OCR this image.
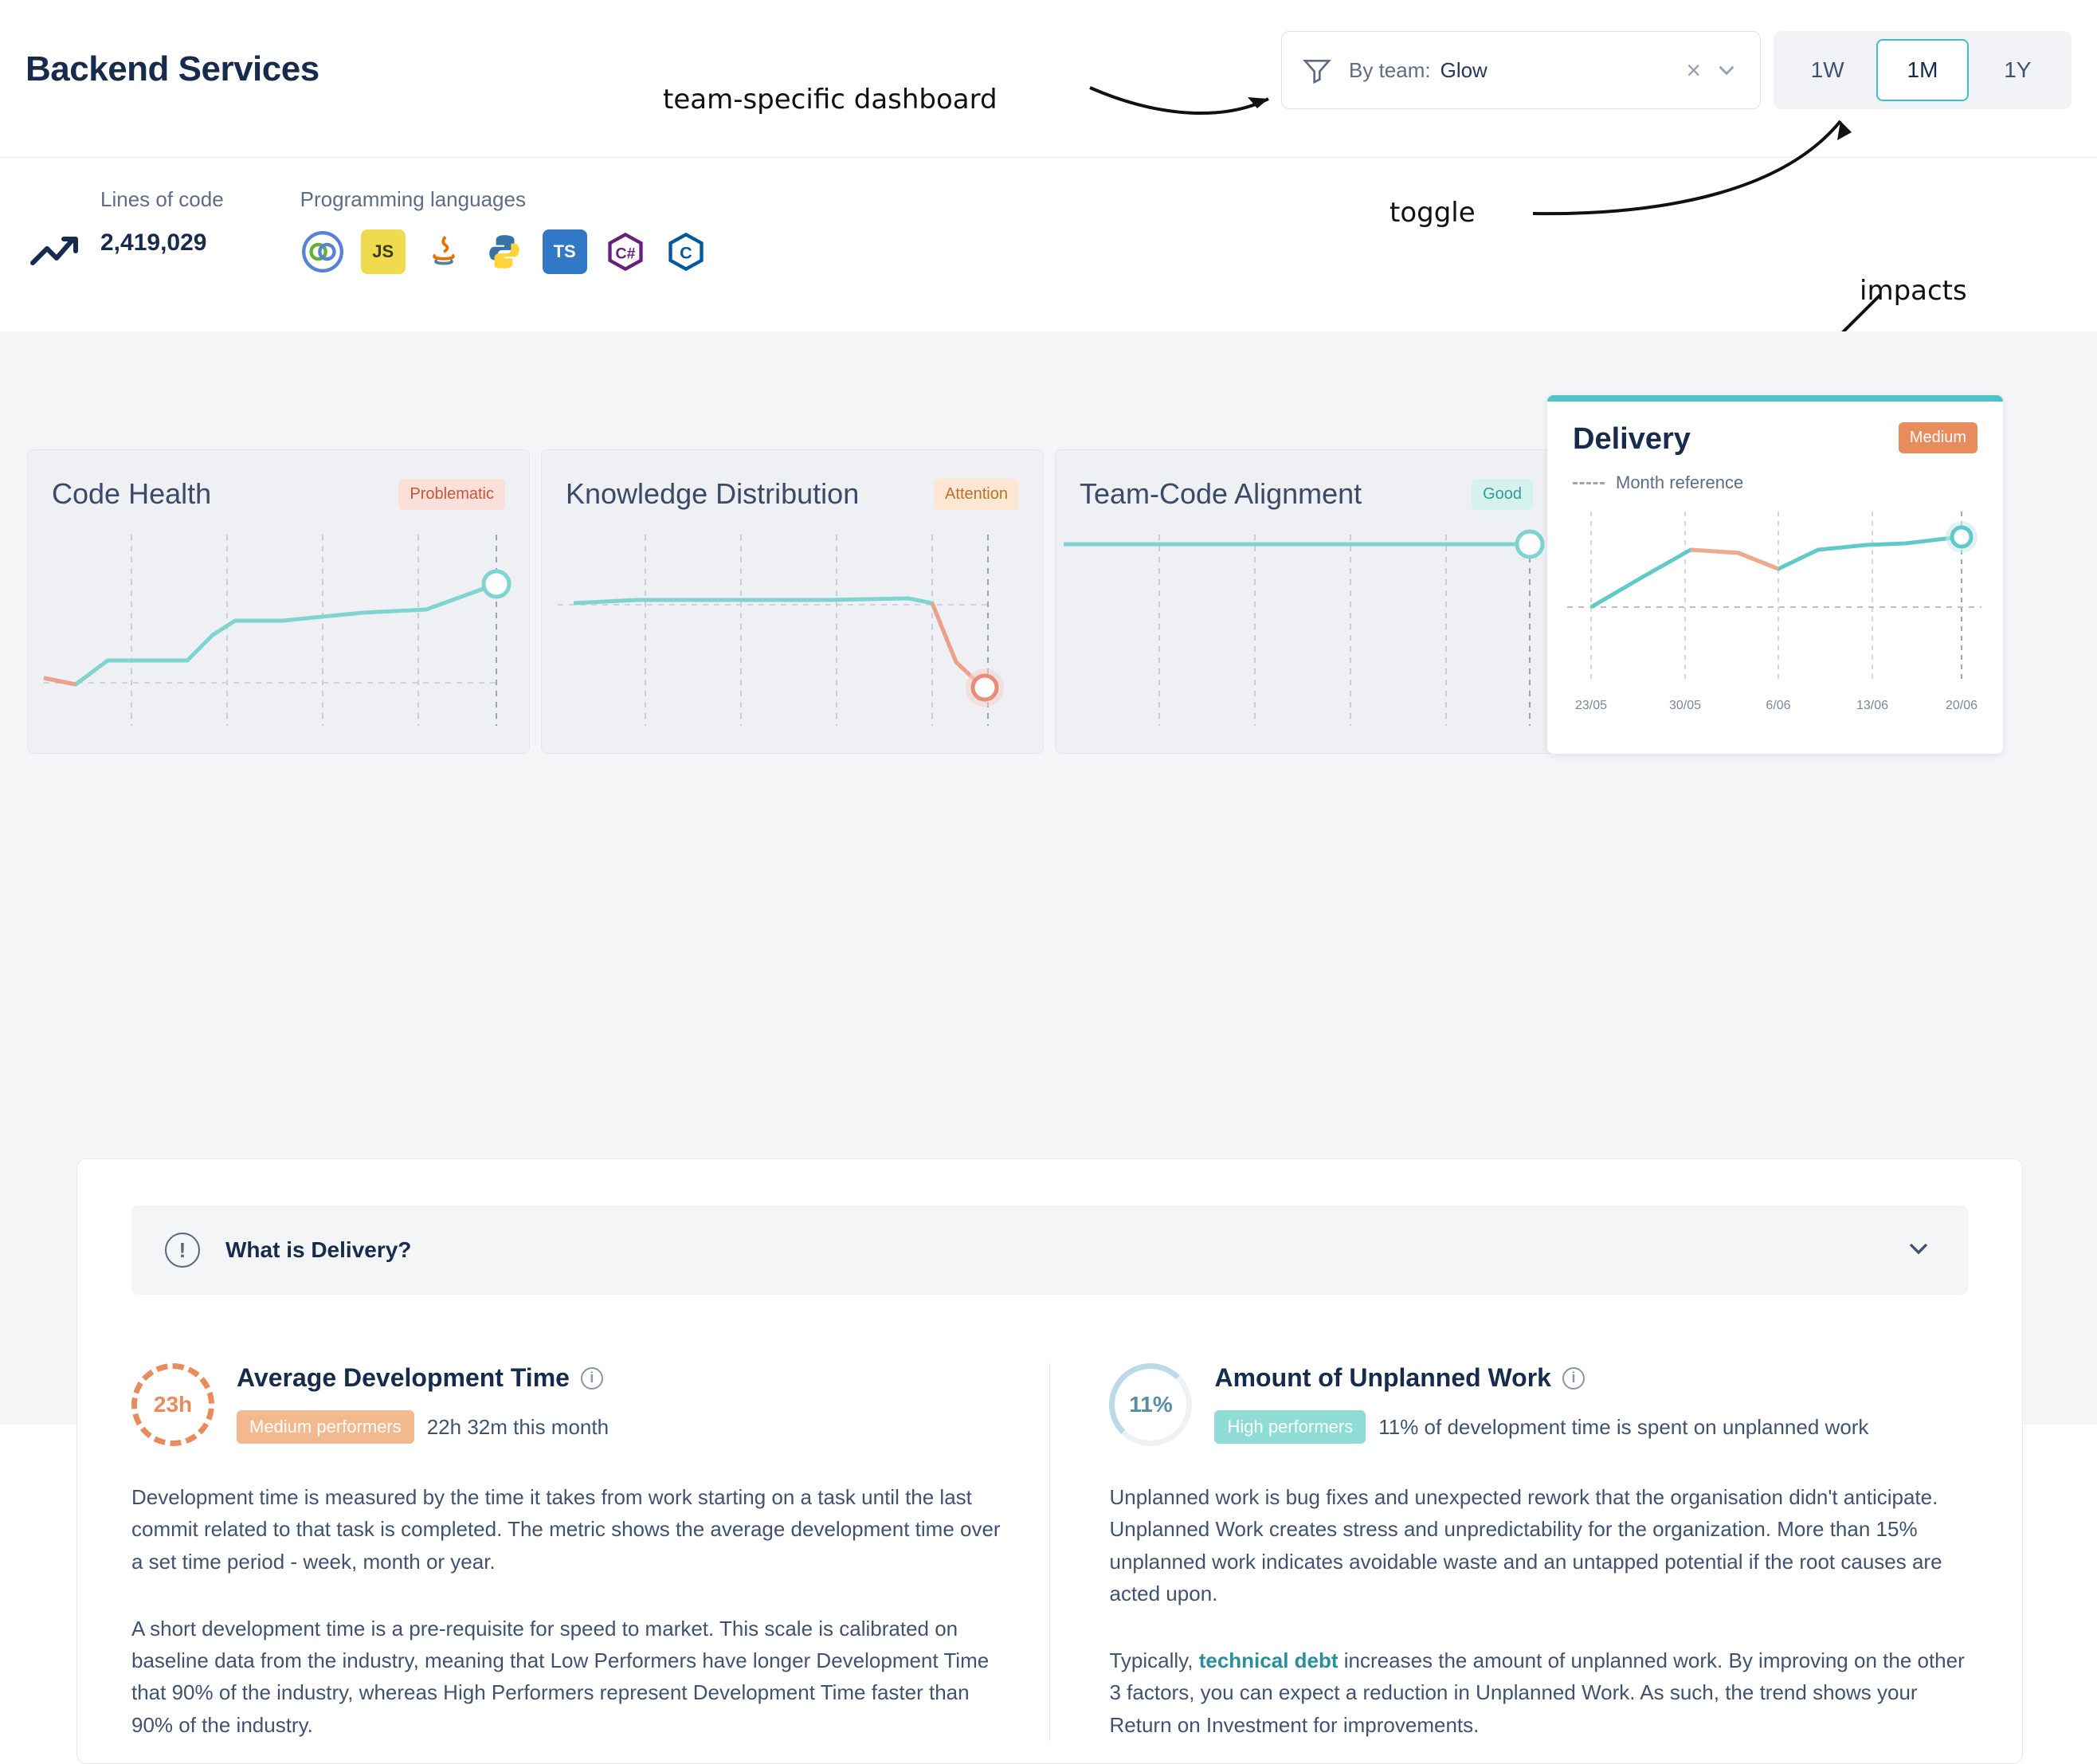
Backend Services	By team: Glow	×	1W	1M	1Y
Lines of code
2,419,029
Programming languages
JS	TS	C#	C
team-specific dashboard
toggle
impacts
Code Health	Problematic	Knowledge Distribution	Attention	Team-Code Alignment	Good
Delivery	Medium
Month reference
23/05	30/05	6/06	13/06	20/06
!	What is Delivery?
23h
Average Development Time	i
Medium performers	22h 32m this month
Development time is measured by the time it takes from work starting on a task until the last commit related to that task is completed. The metric shows the average development time over a set time period - week, month or year.
A short development time is a pre-requisite for speed to market. This scale is calibrated on baseline data from the industry, meaning that Low Performers have longer Development Time that 90% of the industry, whereas High Performers represent Development Time faster than 90% of the industry.
11%
Amount of Unplanned Work	i
High performers	11% of development time is spent on unplanned work
Unplanned work is bug fixes and unexpected rework that the organisation didn't anticipate. Unplanned Work creates stress and unpredictability for the organization. More than 15% unplanned work indicates avoidable waste and an untapped potential if the root causes are acted upon.
Typically, technical debt increases the amount of unplanned work. By improving on the other 3 factors, you can expect a reduction in Unplanned Work. As such, the trend shows your Return on Investment for improvements.
